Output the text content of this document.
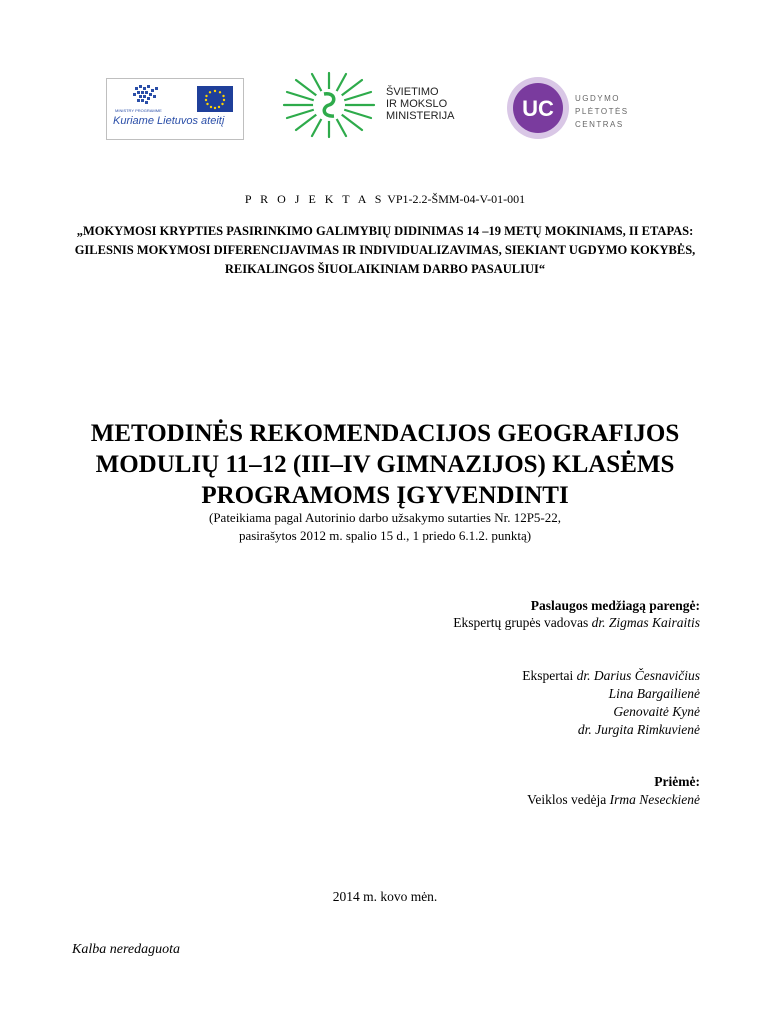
MINISTRY PROGRAMME
Kuriame Lietuvos ateitį
ŠVIETIMO
IR MOKSLO
MINISTERIJA	UC	UGDYMO
PLĖTOTĖS
CENTRAS
P R O J E K T A S VP1-2.2-ŠMM-04-V-01-001
„MOKYMOSI KRYPTIES PASIRINKIMO GALIMYBIŲ DIDINIMAS 14 –19 METŲ MOKINIAMS, II ETAPAS: GILESNIS MOKYMOSI DIFERENCIJAVIMAS IR INDIVIDUALIZAVIMAS, SIEKIANT UGDYMO KOKYBĖS, REIKALINGOS ŠIUOLAIKINIAM DARBO PASAULIUI“
METODINĖS REKOMENDACIJOS GEOGRAFIJOS MODULIŲ 11–12 (III–IV GIMNAZIJOS) KLASĖMS PROGRAMOMS ĮGYVENDINTI
(Pateikiama pagal Autorinio darbo užsakymo sutarties Nr. 12P5-22,
pasirašytos 2012 m. spalio 15 d., 1 priedo 6.1.2. punktą)
Paslaugos medžiagą parengė:
Ekspertų grupės vadovas dr. Zigmas Kairaitis
Ekspertai dr. Darius Česnavičius
Lina Bargailienė
Genovaitė Kynė
dr. Jurgita Rimkuvienė
Priėmė:
Veiklos vedėja Irma Neseckienė
2014 m. kovo mėn.
Kalba neredaguota
